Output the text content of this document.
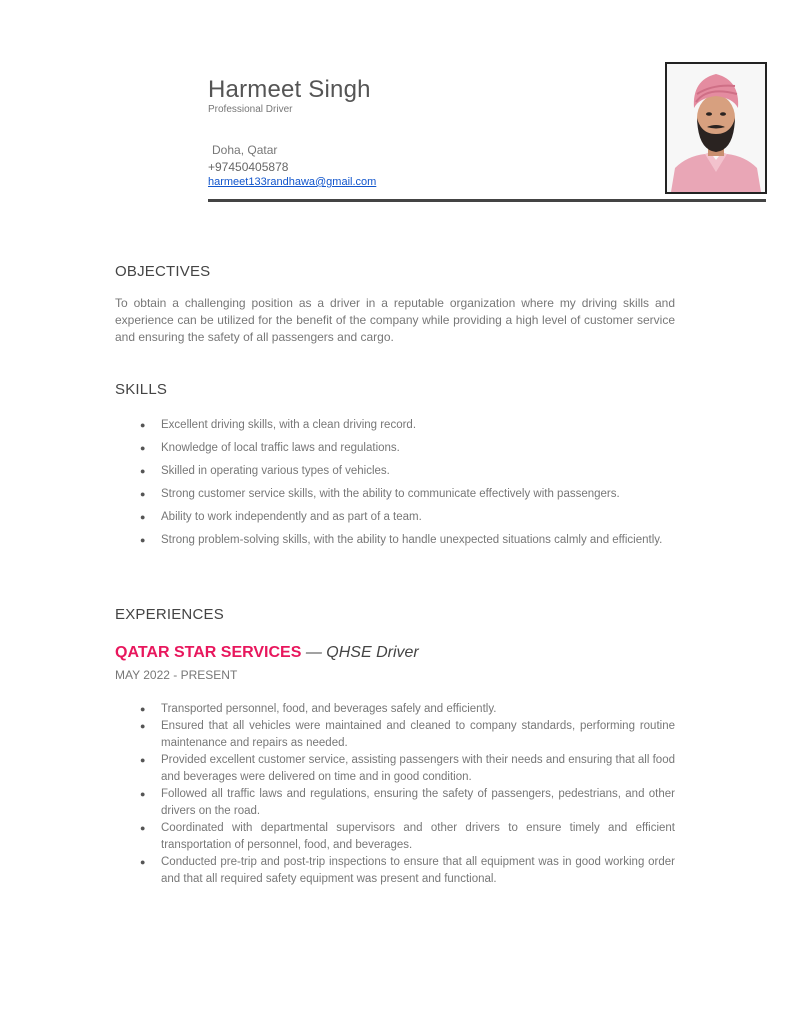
Harmeet Singh
Professional Driver
Doha, Qatar
+97450405878
harmeet133randhawa@gmail.com
OBJECTIVES
To obtain a challenging position as a driver in a reputable organization where my driving skills and experience can be utilized for the benefit of the company while providing a high level of customer service and ensuring the safety of all passengers and cargo.
SKILLS
● Excellent driving skills, with a clean driving record.
● Knowledge of local traffic laws and regulations.
● Skilled in operating various types of vehicles.
● Strong customer service skills, with the ability to communicate effectively with passengers.
● Ability to work independently and as part of a team.
● Strong problem-solving skills, with the ability to handle unexpected situations calmly and efficiently.
EXPERIENCES
QATAR STAR SERVICES — QHSE Driver
MAY 2022 - PRESENT
● Transported personnel, food, and beverages safely and efficiently.
● Ensured that all vehicles were maintained and cleaned to company standards, performing routine maintenance and repairs as needed.
● Provided excellent customer service, assisting passengers with their needs and ensuring that all food and beverages were delivered on time and in good condition.
● Followed all traffic laws and regulations, ensuring the safety of passengers, pedestrians, and other drivers on the road.
● Coordinated with departmental supervisors and other drivers to ensure timely and efficient transportation of personnel, food, and beverages.
● Conducted pre-trip and post-trip inspections to ensure that all equipment was in good working order and that all required safety equipment was present and functional.
